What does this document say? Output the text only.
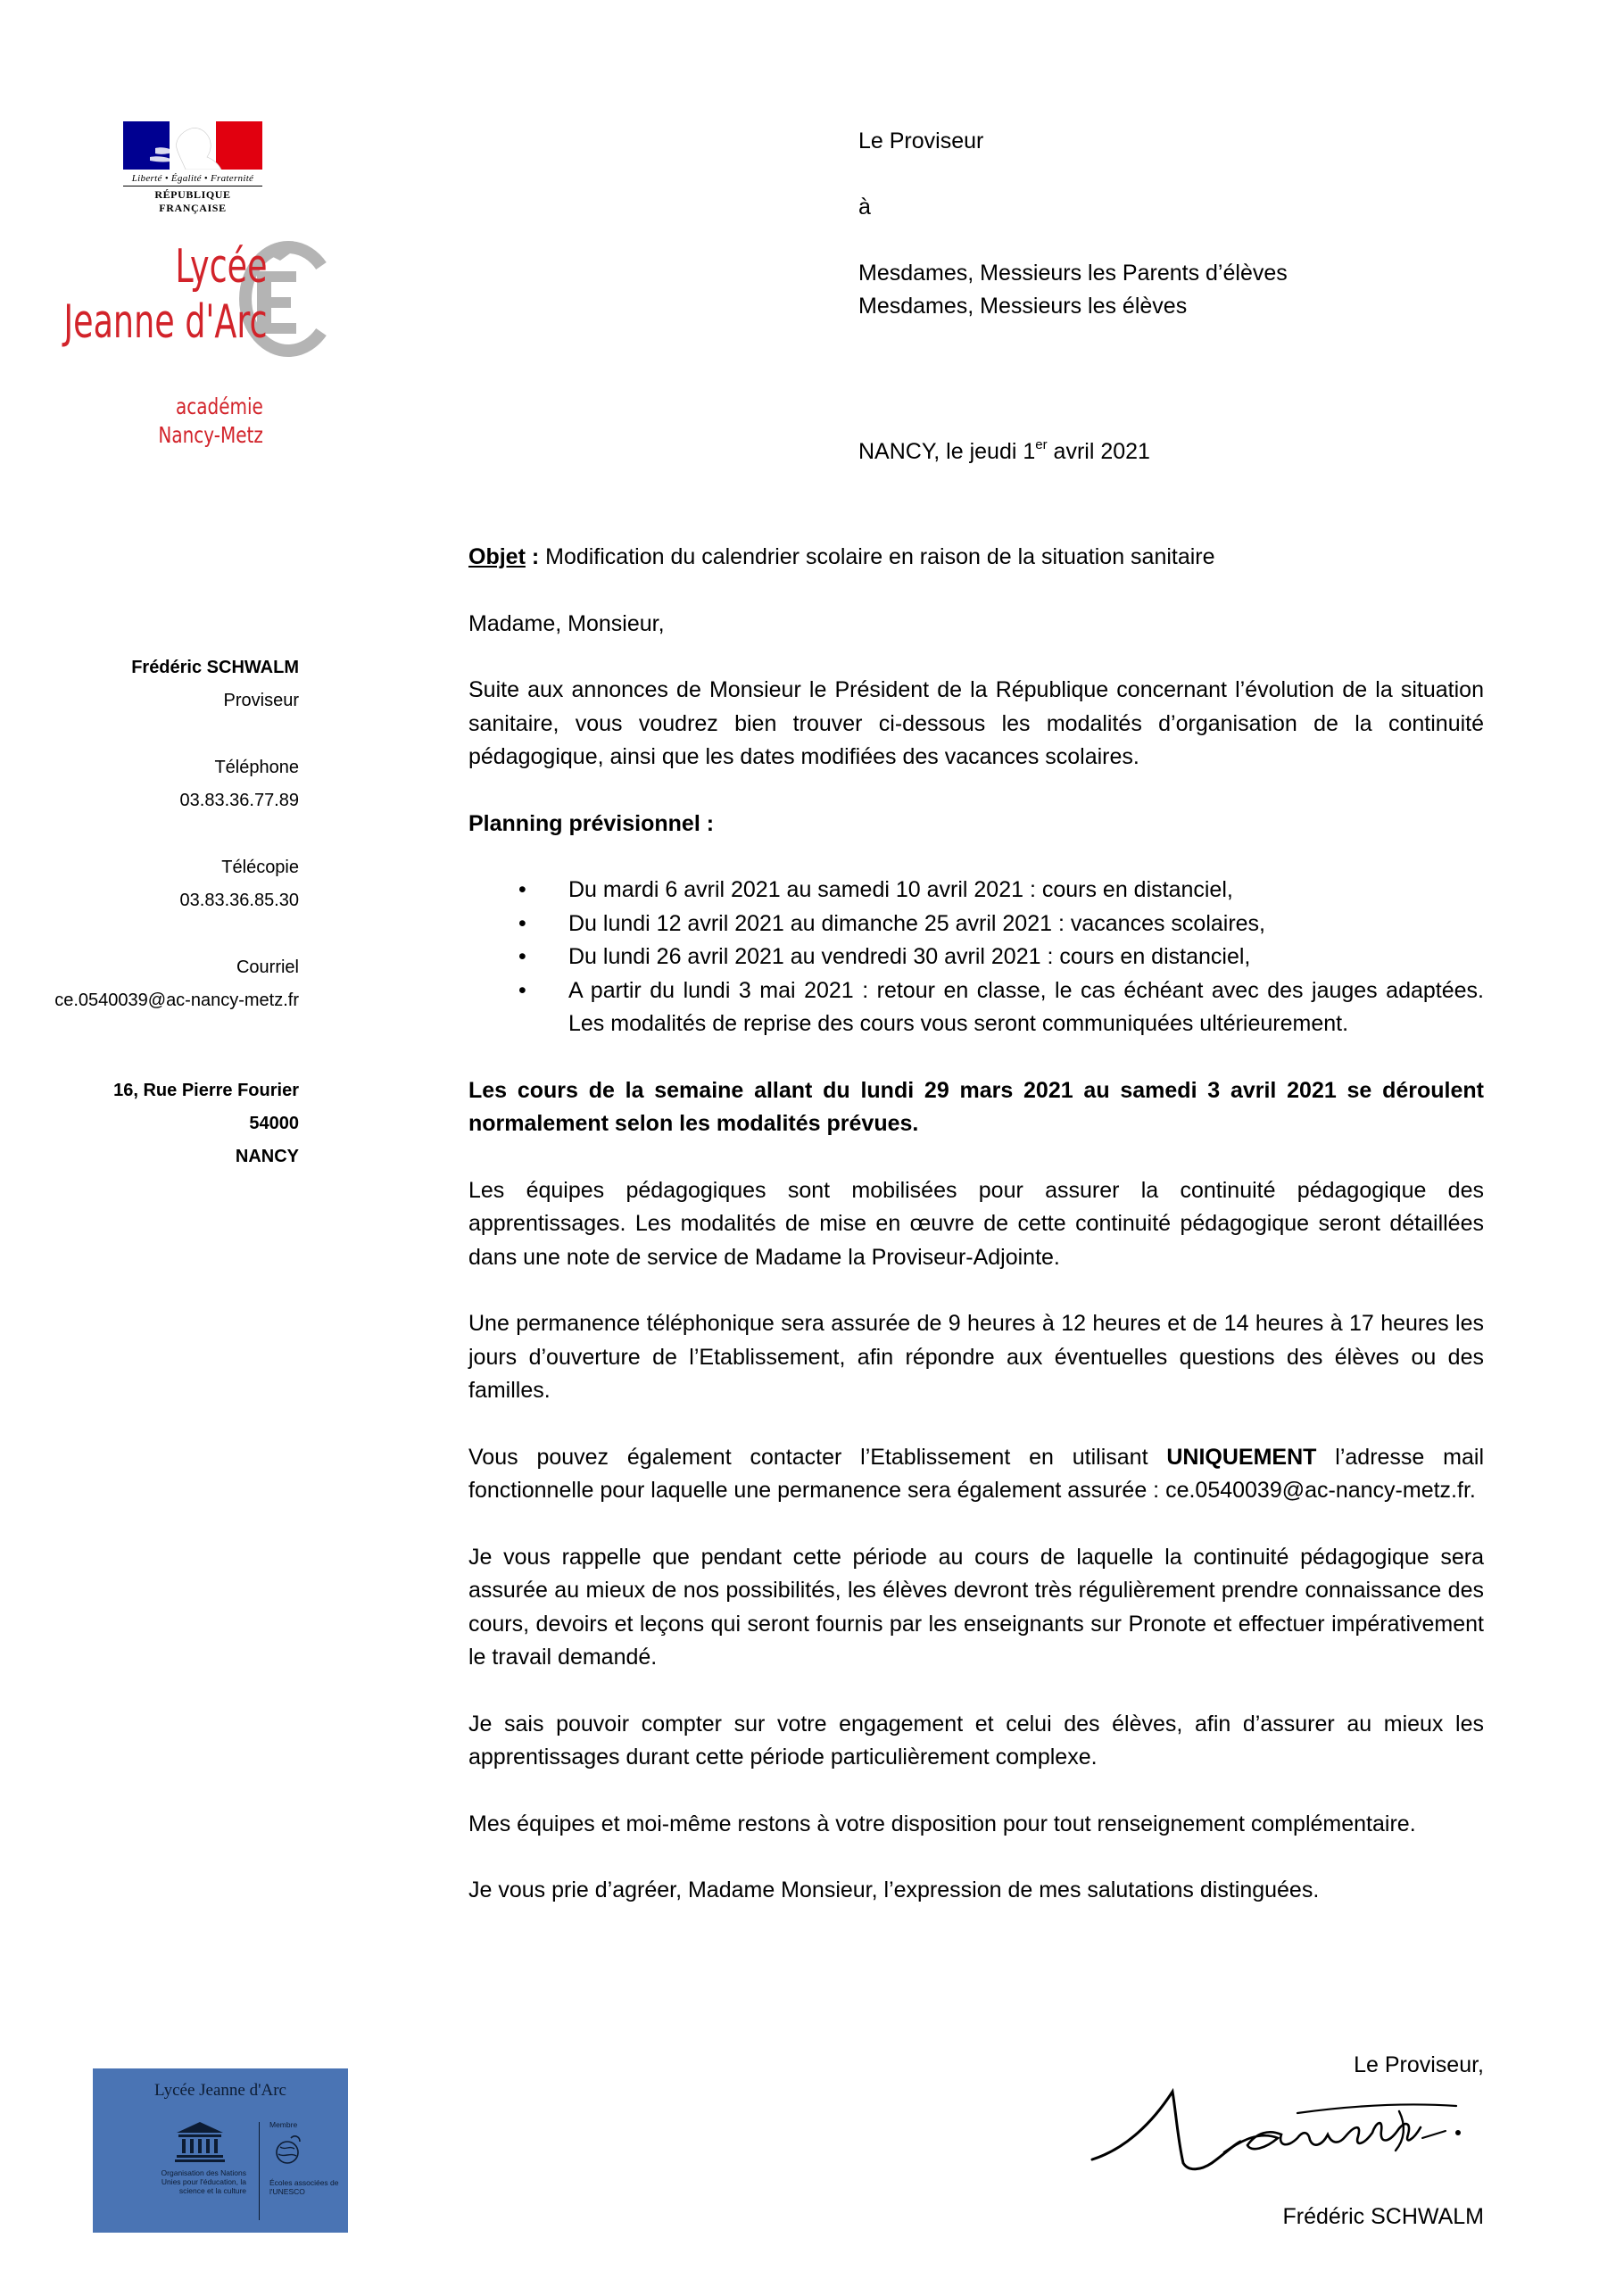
Liberté • Égalité • Fraternité
RÉPUBLIQUE FRANÇAISE
Lycée
Jeanne d'Arc
académie
Nancy-Metz
Frédéric SCHWALM
Proviseur
Téléphone
03.83.36.77.89
Télécopie
03.83.36.85.30
Courriel
ce.0540039@ac-nancy-metz.fr
16, Rue Pierre Fourier
54000
NANCY
Lycée Jeanne d'Arc
Organisation des Nations Unies pour l'éducation, la science et la culture
Membre
Écoles associées de l'UNESCO
Le Proviseur
à
Mesdames, Messieurs les Parents d’élèves
Mesdames, Messieurs les élèves
NANCY, le jeudi 1er avril 2021

Objet : Modification du calendrier scolaire en raison de la situation sanitaire

Madame, Monsieur,

Suite aux annonces de Monsieur le Président de la République concernant l’évolution de la situation sanitaire, vous voudrez bien trouver ci-dessous les modalités d’organisation de la continuité pédagogique, ainsi que les dates modifiées des vacances scolaires.

Planning prévisionnel :

• Du mardi 6 avril 2021 au samedi 10 avril 2021 : cours en distanciel,
• Du lundi 12 avril 2021 au dimanche 25 avril 2021 : vacances scolaires,
• Du lundi 26 avril 2021 au vendredi 30 avril 2021 : cours en distanciel,
• A partir du lundi 3 mai 2021 : retour en classe, le cas échéant avec des jauges adaptées. Les modalités de reprise des cours vous seront communiquées ultérieurement.

Les cours de la semaine allant du lundi 29 mars 2021 au samedi 3 avril 2021 se déroulent normalement selon les modalités prévues.

Les équipes pédagogiques sont mobilisées pour assurer la continuité pédagogique des apprentissages. Les modalités de mise en œuvre de cette continuité pédagogique seront détaillées dans une note de service de Madame la Proviseur-Adjointe.

Une permanence téléphonique sera assurée de 9 heures à 12 heures et de 14 heures à 17 heures les jours d’ouverture de l’Etablissement, afin répondre aux éventuelles questions des élèves ou des familles.

Vous pouvez également contacter l’Etablissement en utilisant UNIQUEMENT l’adresse mail fonctionnelle pour laquelle une permanence sera également assurée : ce.0540039@ac-nancy-metz.fr.

Je vous rappelle que pendant cette période au cours de laquelle la continuité pédagogique sera assurée au mieux de nos possibilités, les élèves devront très régulièrement prendre connaissance des cours, devoirs et leçons qui seront fournis par les enseignants sur Pronote et effectuer impérativement le travail demandé.

Je sais pouvoir compter sur votre engagement et celui des élèves, afin d’assurer au mieux les apprentissages durant cette période particulièrement complexe.

Mes équipes et moi-même restons à votre disposition pour tout renseignement complémentaire.

Je vous prie d’agréer, Madame Monsieur, l’expression de mes salutations distinguées.

Le Proviseur,
Frédéric SCHWALM
